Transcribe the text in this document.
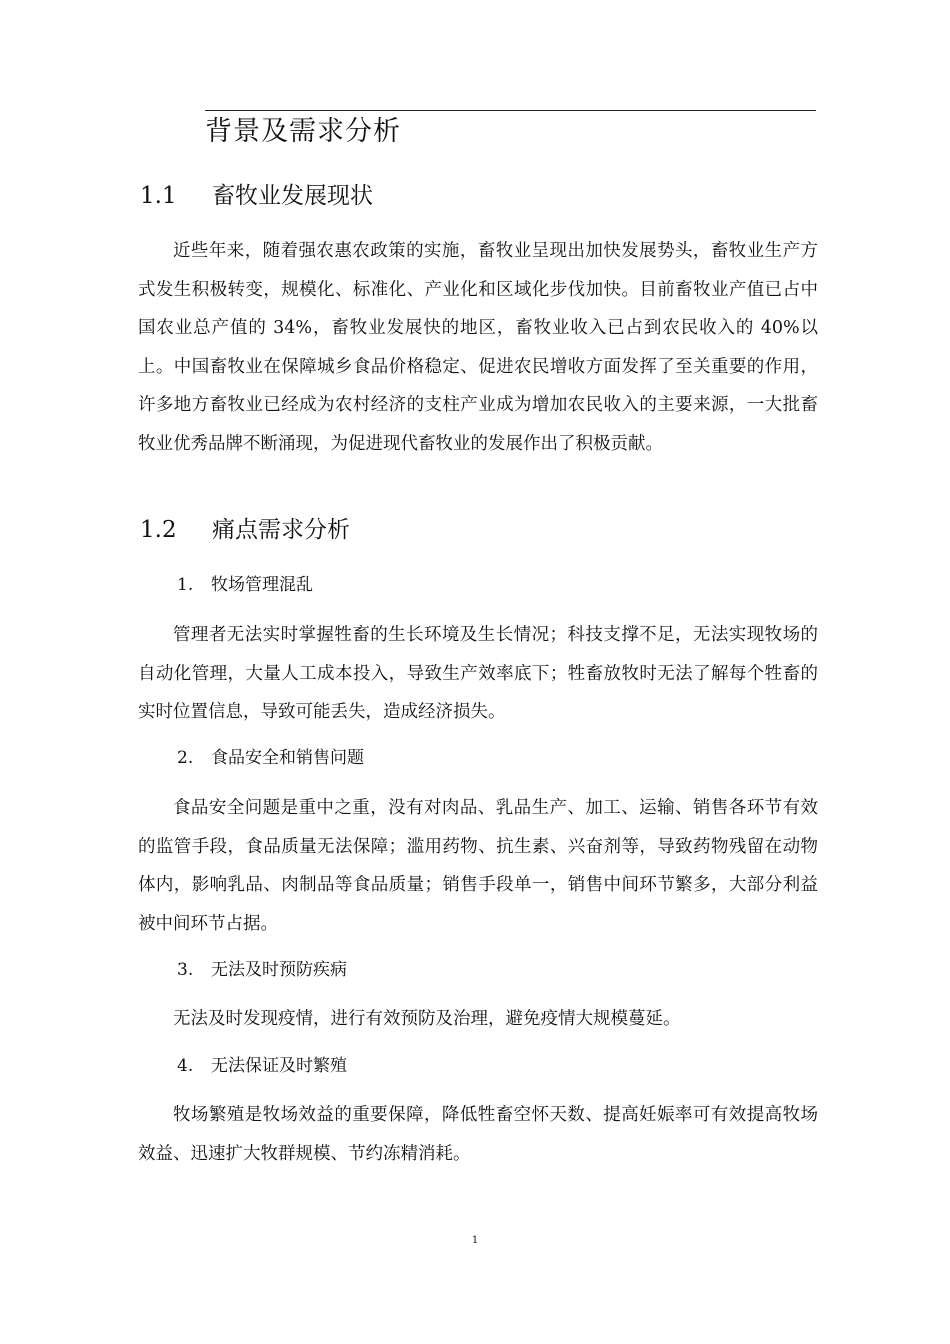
背景及需求分析
1.1 畜牧业发展现状
近些年来，随着强农惠农政策的实施，畜牧业呈现出加快发展势头，畜牧业生产方式发生积极转变，规模化、标准化、产业化和区域化步伐加快。目前畜牧业产值已占中国农业总产值的 34%，畜牧业发展快的地区，畜牧业收入已占到农民收入的 40%以上。中国畜牧业在保障城乡食品价格稳定、促进农民增收方面发挥了至关重要的作用，许多地方畜牧业已经成为农村经济的支柱产业成为增加农民收入的主要来源，一大批畜牧业优秀品牌不断涌现，为促进现代畜牧业的发展作出了积极贡献。
1.2 痛点需求分析
1. 牧场管理混乱
管理者无法实时掌握牲畜的生长环境及生长情况；科技支撑不足，无法实现牧场的自动化管理，大量人工成本投入，导致生产效率底下；牲畜放牧时无法了解每个牲畜的实时位置信息，导致可能丢失，造成经济损失。
2. 食品安全和销售问题
食品安全问题是重中之重，没有对肉品、乳品生产、加工、运输、销售各环节有效的监管手段，食品质量无法保障；滥用药物、抗生素、兴奋剂等，导致药物残留在动物体内，影响乳品、肉制品等食品质量；销售手段单一，销售中间环节繁多，大部分利益被中间环节占据。
3. 无法及时预防疾病
无法及时发现疫情，进行有效预防及治理，避免疫情大规模蔓延。
4. 无法保证及时繁殖
牧场繁殖是牧场效益的重要保障，降低牲畜空怀天数、提高妊娠率可有效提高牧场效益、迅速扩大牧群规模、节约冻精消耗。
1
